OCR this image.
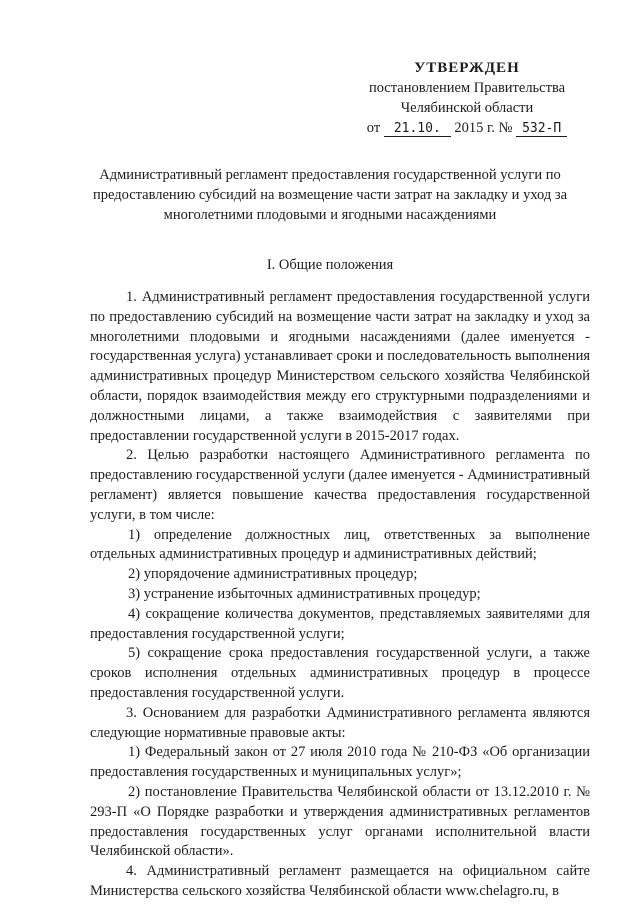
УТВЕРЖДЕН
постановлением Правительства
Челябинской области
от 21.10. 2015 г. № 532-П
Административный регламент предоставления государственной услуги по предоставлению субсидий на возмещение части затрат на закладку и уход за многолетними плодовыми и ягодными насаждениями
I. Общие положения

1. Административный регламент предоставления государственной услуги по предоставлению субсидий на возмещение части затрат на закладку и уход за многолетними плодовыми и ягодными насаждениями (далее именуется - государственная услуга) устанавливает сроки и последовательность выполнения административных процедур Министерством сельского хозяйства Челябинской области, порядок взаимодействия между его структурными подразделениями и должностными лицами, а также взаимодействия с заявителями при предоставлении государственной услуги в 2015-2017 годах.

2. Целью разработки настоящего Административного регламента по предоставлению государственной услуги (далее именуется - Административный регламент) является повышение качества предоставления государственной услуги, в том числе:

1) определение должностных лиц, ответственных за выполнение отдельных административных процедур и административных действий;

2) упорядочение административных процедур;

3) устранение избыточных административных процедур;

4) сокращение количества документов, представляемых заявителями для предоставления государственной услуги;

5) сокращение срока предоставления государственной услуги, а также сроков исполнения отдельных административных процедур в процессе предоставления государственной услуги.

3. Основанием для разработки Административного регламента являются следующие нормативные правовые акты:

1) Федеральный закон от 27 июля 2010 года № 210-ФЗ «Об организации предоставления государственных и муниципальных услуг»;

2) постановление Правительства Челябинской области от 13.12.2010 г. № 293-П «О Порядке разработки и утверждения административных регламентов предоставления государственных услуг органами исполнительной власти Челябинской области».

4. Административный регламент размещается на официальном сайте Министерства сельского хозяйства Челябинской области www.chelagro.ru, в
